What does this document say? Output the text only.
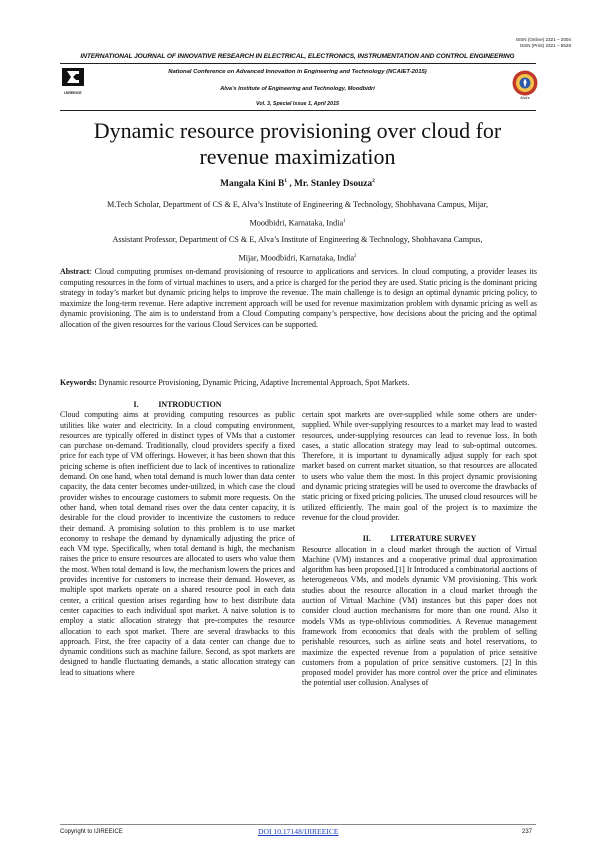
ISSN (Online) 2321 – 2004
ISSN (Print) 2321 – 5526
INTERNATIONAL JOURNAL OF INNOVATIVE RESEARCH IN ELECTRICAL, ELECTRONICS, INSTRUMENTATION AND CONTROL ENGINEERING
IJIREEICE
Alva's
National Conference on Advanced Innovation in Engineering and Technology (NCAIET-2015)
Alva’s Institute of Engineering and Technology, Moodbidri
Vol. 3, Special Issue 1, April 2015
Dynamic resource provisioning over cloud for
revenue maximization
Mangala Kini $B^1$ , Mr. Stanley Dsouza$^2$
M.Tech Scholar, Department of CS & E, Alva’s Institute of Engineering & Technology, Shobhavana Campus, Mijar,
Moodbidri, Karnataka, India$^1$
Assistant Professor, Department of CS & E, Alva’s Institute of Engineering & Technology, Shobhavana Campus,
Mijar, Moodbidri, Karnataka, India$^2$
Abstract: Cloud computing promises on-demand provisioning of resource to applications and services. In cloud computing, a provider leases its computing resources in the form of virtual machines to users, and a price is charged for the period they are used. Static pricing is the dominant pricing strategy in today’s market but dynamic pricing helps to improve the revenue. The main challenge is to design an optimal dynamic pricing policy, to maximize the long-term revenue. Here adaptive increment approach will be used for revenue maximization problem with dynamic pricing as well as dynamic provisioning. The aim is to understand from a Cloud Computing company’s perspective, how decisions about the pricing and the optimal allocation of the given resources for the various Cloud Services can be supported.
Keywords: Dynamic resource Provisioning, Dynamic Pricing, Adaptive Incremental Approach, Spot Markets.

I.          INTRODUCTION

Cloud computing aims at providing computing resources as public utilities like water and electricity. In a cloud computing environment, resources are typically offered in distinct types of VMs that a customer can purchase on-demand. Traditionally, cloud providers specify a fixed price for each type of VM offerings. However, it has been shown that this pricing scheme is often inefficient due to lack of incentives to rationalize demand. On one hand, when total demand is much lower than data center capacity, the data center becomes under-utilized, in which case the cloud provider wishes to encourage customers to submit more requests. On the other hand, when total demand rises over the data center capacity, it is desirable for the cloud provider to incentivize the customers to reduce their demand. A promising solution to this problem is to use market economy to reshape the demand by dynamically adjusting the price of each VM type. Specifically, when total demand is high, the mechanism raises the price to ensure resources are allocated to users who value them the most. When total demand is low, the mechanism lowers the prices and provides incentive for customers to increase their demand. However, as multiple spot markets operate on a shared resource pool in each data center, a critical question arises regarding how to best distribute data center capacities to each individual spot market. A naive solution is to employ a static allocation strategy that pre-computes the resource allocation to each spot market. There are several drawbacks to this approach. First, the free capacity of a data center can change due to dynamic conditions such as machine failure. Second, as spot markets are designed to handle fluctuating demands, a static allocation strategy can lead to situations where

certain spot markets are over-supplied while some others are under-supplied. While over-supplying resources to a market may lead to wasted resources, under-supplying resources can lead to revenue loss. In both cases, a static allocation strategy may lead to sub-optimal outcomes. Therefore, it is important to dynamically adjust supply for each spot market based on current market situation, so that resources are allocated to users who value them the most. In this project dynamic provisioning and dynamic pricing strategies will be used to overcome the drawbacks of static pricing or fixed pricing policies. The unused cloud resources will be utilized efficiently. The main goal of the project is to maximize the revenue for the cloud provider.

II.          LITERATURE SURVEY

Resource allocation in a cloud market through the auction of Virtual Machine (VM) instances and a cooperative primal dual approximation algorithm has been proposed.[1] It Introduced a combinatorial auctions of heterogeneous VMs, and models dynamic VM provisioning. This work studies about the resource allocation in a cloud market through the auction of Virtual Machine (VM) instances but this paper does not consider cloud auction mechanisms for more than one round. Also it models VMs as type-oblivious commodities. A Revenue management framework from economics that deals with the problem of selling perishable resources, such as airline seats and hotel reservations, to maximize the expected revenue from a population of price sensitive customers from a population of price sensitive customers. [2] In this proposed model provider has more control over the price and eliminates the potential user collusion. Analyses of

Copyright to IJIREEICE	DOI 10.17148/IJIREEICE	237
